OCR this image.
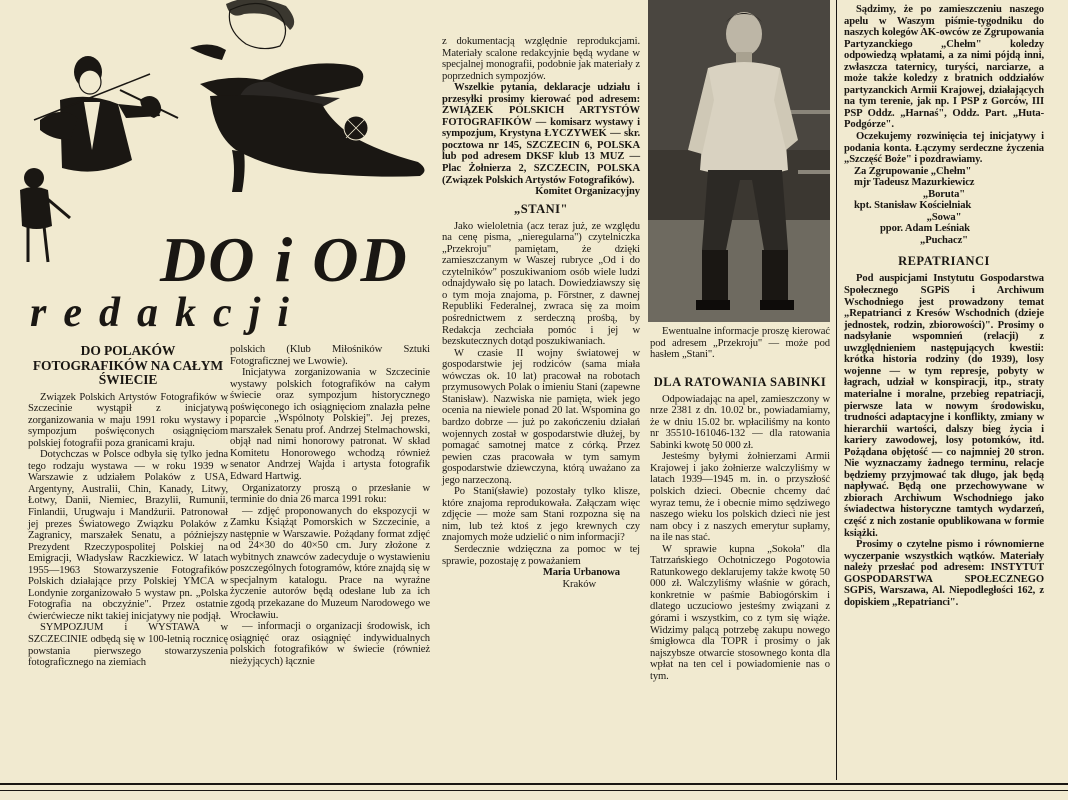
DO i OD
redakcji
DO POLAKÓW FOTOGRAFIKÓW NA CAŁYM ŚWIECIE

Związek Polskich Artystów Fotografików w Szczecinie wystąpił z inicjatywą zorganizowania w maju 1991 roku wystawy i sympozjum poświęconych osiągnięciom polskiej fotografii poza granicami kraju.

Dotychczas w Polsce odbyła się tylko jedna tego rodzaju wystawa — w roku 1939 w Warszawie z udziałem Polaków z USA, Argentyny, Australii, Chin, Kanady, Litwy, Łotwy, Danii, Niemiec, Brazylii, Rumunii, Finlandii, Urugwaju i Mandżurii. Patronował jej prezes Światowego Związku Polaków z Zagranicy, marszałek Senatu, a późniejszy Prezydent Rzeczypospolitej Polskiej na Emigracji, Władysław Raczkiewicz. W latach 1955—1963 Stowarzyszenie Fotografików Polskich działające przy Polskiej YMCA w Londynie zorganizowało 5 wystaw pn. „Polska Fotografia na obczyźnie". Przez ostatnie ćwierćwiecze nikt takiej inicjatywy nie podjął.

SYMPOZJUM i WYSTAWA w SZCZECINIE odbędą się w 100-letnią rocznicę powstania pierwszego stowarzyszenia fotograficznego na ziemiach

polskich (Klub Miłośników Sztuki Fotograficznej we Lwowie).

Inicjatywa zorganizowania w Szczecinie wystawy polskich fotografików na całym świecie oraz sympozjum historycznego poświęconego ich osiągnięciom znalazła pełne poparcie „Wspólnoty Polskiej". Jej prezes, marszałek Senatu prof. Andrzej Stelmachowski, objął nad nimi honorowy patronat. W skład Komitetu Honorowego wchodzą również senator Andrzej Wajda i artysta fotografik Edward Hartwig.

Organizatorzy proszą o przesłanie w terminie do dnia 26 marca 1991 roku:

— zdjęć proponowanych do ekspozycji w Zamku Książąt Pomorskich w Szczecinie, a następnie w Warszawie. Pożądany format zdjęć od 24×30 do 40×50 cm. Jury złożone z wybitnych znawców zadecyduje o wystawieniu poszczególnych fotogramów, które znajdą się w specjalnym katalogu. Prace na wyraźne życzenie autorów będą odesłane lub za ich zgodą przekazane do Muzeum Narodowego we Wrocławiu.

— informacji o organizacji środowisk, ich osiągnięć oraz osiągnięć indywidualnych polskich fotografików w świecie (również nieżyjących) łącznie

z dokumentacją względnie reprodukcjami. Materiały scalone redakcyjnie będą wydane w specjalnej monografii, podobnie jak materiały z poprzednich sympozjów.

Wszelkie pytania, deklaracje udziału i przesyłki prosimy kierować pod adresem: ZWIĄZEK POLSKICH ARTYSTÓW FOTOGRAFIKÓW — komisarz wystawy i sympozjum, Krystyna ŁYCZYWEK — skr. pocztowa nr 145, SZCZECIN 6, POLSKA lub pod adresem DKSF klub 13 MUZ — Plac Żołnierza 2, SZCZECIN, POLSKA (Związek Polskich Artystów Fotografików).

Komitet Organizacyjny

„STANI"

Jako wieloletnia (acz teraz już, ze względu na cenę pisma, „nieregularna") czytelniczka „Przekroju" pamiętam, że dzięki zamieszczanym w Waszej rubryce „Od i do czytelników" poszukiwaniom osób wiele ludzi odnajdywało się po latach. Dowiedziawszy się o tym moja znajoma, p. Förstner, z dawnej Republiki Federalnej, zwraca się za moim pośrednictwem z serdeczną prośbą, by Redakcja zechciała pomóc i jej w bezskutecznych dotąd poszukiwaniach.

W czasie II wojny światowej w gospodarstwie jej rodziców (sama miała wówczas ok. 10 lat) pracował na robotach przymusowych Polak o imieniu Stani (zapewne Stanisław). Nazwiska nie pamięta, wiek jego ocenia na niewiele ponad 20 lat. Wspomina go bardzo dobrze — już po zakończeniu działań wojennych został w gospodarstwie dłużej, by pomagać samotnej matce z córką. Przez pewien czas pracowała w tym samym gospodarstwie dziewczyna, którą uważano za jego narzeczoną.

Po Stani(sławie) pozostały tylko klisze, które znajoma reprodukowała. Załączam więc zdjęcie — może sam Stani rozpozna się na nim, lub też ktoś z jego krewnych czy znajomych może udzielić o nim informacji?

Serdecznie wdzięczna za pomoc w tej sprawie, pozostaję z poważaniem

Maria Urbanowa

Kraków

Ewentualne informacje proszę kierować pod adresem „Przekroju" — może pod hasłem „Stani".

DLA RATOWANIA SABINKI

Odpowiadając na apel, zamieszczony w nrze 2381 z dn. 10.02 br., powiadamiamy, że w dniu 15.02 br. wpłaciliśmy na konto nr 35510-161046-132 — dla ratowania Sabinki kwotę 50 000 zł.

Jesteśmy byłymi żołnierzami Armii Krajowej i jako żołnierze walczyliśmy w latach 1939—1945 m. in. o przyszłość polskich dzieci. Obecnie chcemy dać wyraz temu, że i obecnie mimo sędziwego naszego wieku los polskich dzieci nie jest nam obcy i z naszych emerytur supłamy, na ile nas stać.

W sprawie kupna „Sokoła" dla Tatrzańskiego Ochotniczego Pogotowia Ratunkowego deklarujemy także kwotę 50 000 zł. Walczyliśmy właśnie w górach, konkretnie w paśmie Babiogórskim i dlatego uczuciowo jesteśmy związani z górami i wszystkim, co z tym się wiąże. Widzimy palącą potrzebę zakupu nowego śmigłowca dla TOPR i prosimy o jak najszybsze otwarcie stosownego konta dla wpłat na ten cel i powiadomienie nas o tym.

Sądzimy, że po zamieszczeniu naszego apelu w Waszym piśmie-tygodniku do naszych kolegów AK-owców ze Zgrupowania Partyzanckiego „Chełm" koledzy odpowiedzą wpłatami, a za nimi pójdą inni, zwłaszcza taternicy, turyści, narciarze, a może także koledzy z bratnich oddziałów partyzanckich Armii Krajowej, działających na tym terenie, jak np. I PSP z Gorców, III PSP Oddz. „Harnaś", Oddz. Part. „Huta-Podgórze".

Oczekujemy rozwinięcia tej inicjatywy i podania konta. Łączymy serdeczne życzenia „Szczęść Boże" i pozdrawiamy.

Za Zgrupowanie „Chełm"

mjr Tadeusz Mazurkiewicz

„Boruta"

kpt. Stanisław Kościelniak

„Sowa"

ppor. Adam Leśniak

„Puchacz"

REPATRIANCI

Pod auspicjami Instytutu Gospodarstwa Społecznego SGPiS i Archiwum Wschodniego jest prowadzony temat „Repatrianci z Kresów Wschodnich (dzieje jednostek, rodzin, zbiorowości)". Prosimy o nadsyłanie wspomnień (relacji) z uwzględnieniem następujących kwestii: krótka historia rodziny (do 1939), losy wojenne — w tym represje, pobyty w łagrach, udział w konspiracji, itp., straty materialne i moralne, przebieg repatriacji, pierwsze lata w nowym środowisku, trudności adaptacyjne i konflikty, zmiany w hierarchii wartości, dalszy bieg życia i kariery zawodowej, losy potomków, itd. Pożądana objętość — co najmniej 20 stron. Nie wyznaczamy żadnego terminu, relacje będziemy przyjmować tak długo, jak będą napływać. Będą one przechowywane w zbiorach Archiwum Wschodniego jako świadectwa historyczne tamtych wydarzeń, część z nich zostanie opublikowana w formie książki.

Prosimy o czytelne pismo i równomierne wyczerpanie wszystkich wątków. Materiały należy przesłać pod adresem: INSTYTUT GOSPODARSTWA SPOŁECZNEGO SGPiS, Warszawa, Al. Niepodległości 162, z dopiskiem „Repatrianci".
